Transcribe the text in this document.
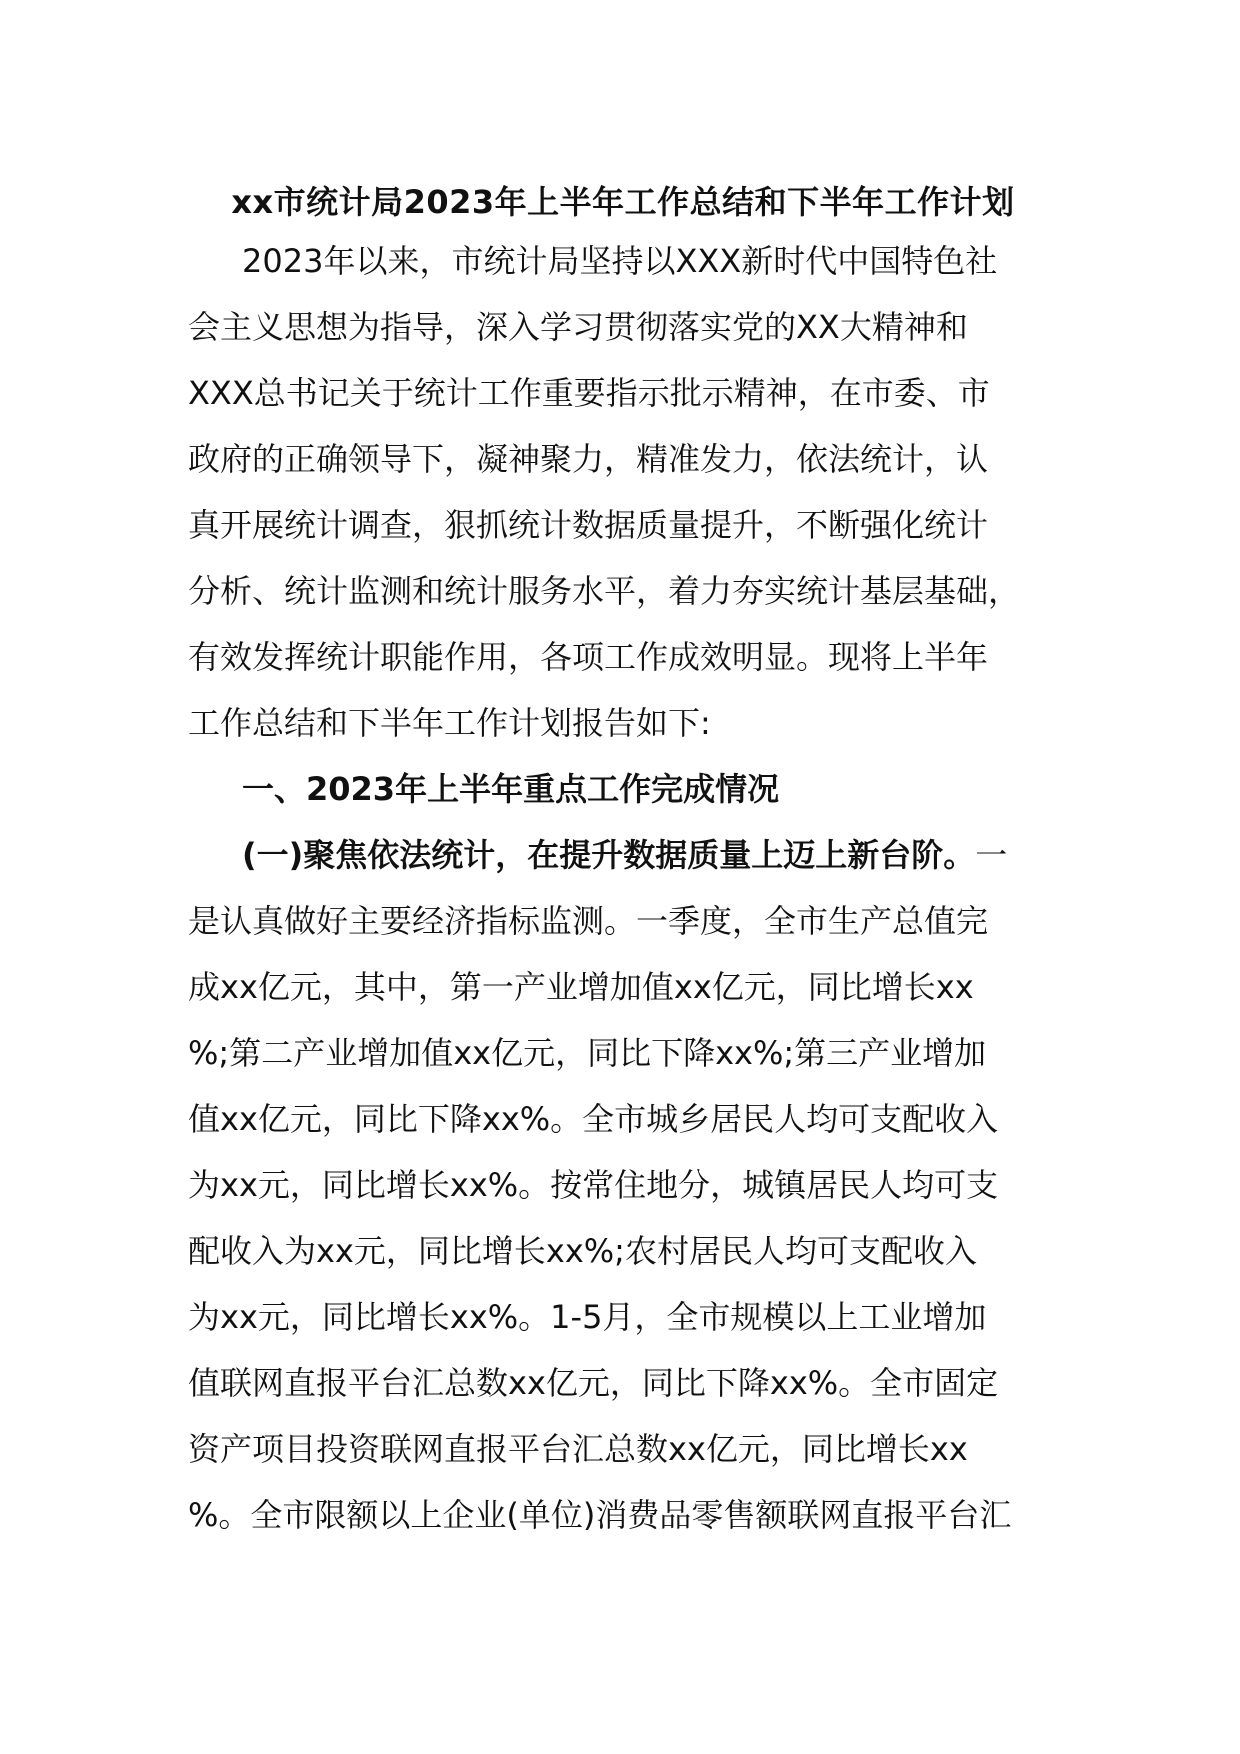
xx市统计局2023年上半年工作总结和下半年工作计划
2023年以来，市统计局坚持以XXX新时代中国特色社
会主义思想为指导，深入学习贯彻落实党的XX大精神和
XXX总书记关于统计工作重要指示批示精神，在市委、市
政府的正确领导下，凝神聚力，精准发力，依法统计，认
真开展统计调查，狠抓统计数据质量提升，不断强化统计
分析、统计监测和统计服务水平，着力夯实统计基层基础，
有效发挥统计职能作用，各项工作成效明显。现将上半年
工作总结和下半年工作计划报告如下:
一、2023年上半年重点工作完成情况
(一)聚焦依法统计，在提升数据质量上迈上新台阶。一
是认真做好主要经济指标监测。一季度，全市生产总值完
成xx亿元，其中，第一产业增加值xx亿元，同比增长xx
%;第二产业增加值xx亿元，同比下降xx%;第三产业增加
值xx亿元，同比下降xx%。全市城乡居民人均可支配收入
为xx元，同比增长xx%。按常住地分，城镇居民人均可支
配收入为xx元，同比增长xx%;农村居民人均可支配收入
为xx元，同比增长xx%。1-5月，全市规模以上工业增加
值联网直报平台汇总数xx亿元，同比下降xx%。全市固定
资产项目投资联网直报平台汇总数xx亿元，同比增长xx
%。全市限额以上企业(单位)消费品零售额联网直报平台汇
